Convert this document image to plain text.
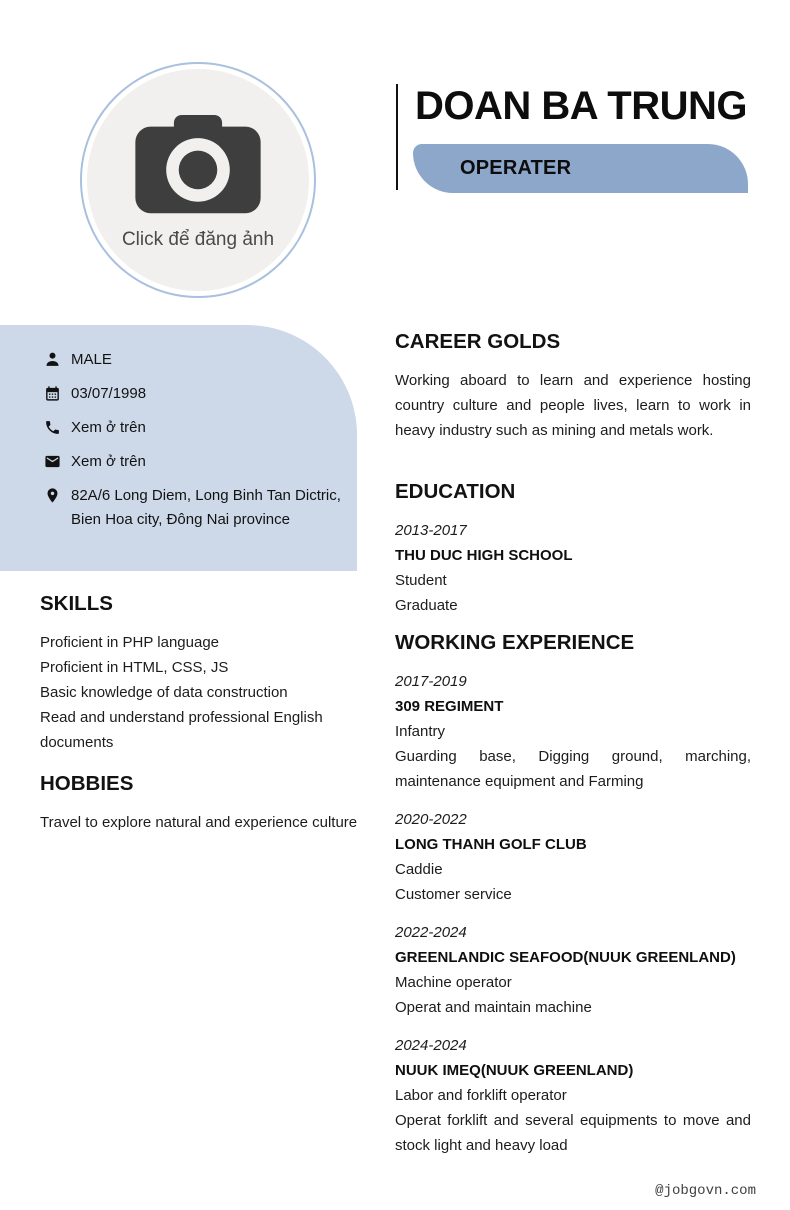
Click để đăng ảnh
DOAN BA TRUNG
OPERATER
MALE
03/07/1998
Xem ở trên
Xem ở trên
82A/6 Long Diem, Long Binh Tan Dictric, Bien Hoa city, Đông Nai province
SKILLS

Proficient in PHP language

Proficient in HTML, CSS, JS

Basic knowledge of data construction

Read and understand professional English documents

HOBBIES

Travel to explore natural and experience culture

CAREER GOLDS

Working aboard to learn and experience hosting country culture and people lives, learn to work in heavy industry such as mining and metals work.

EDUCATION

2013-2017

THU DUC HIGH SCHOOL

Student

Graduate

WORKING EXPERIENCE

2017-2019

309 REGIMENT

Infantry

Guarding base, Digging ground, marching, maintenance equipment and Farming

2020-2022

LONG THANH GOLF CLUB

Caddie

Customer service

2022-2024

GREENLANDIC SEAFOOD(NUUK GREENLAND)

Machine operator

Operat and maintain machine

2024-2024

NUUK IMEQ(NUUK GREENLAND)

Labor and forklift operator

Operat forklift and several equipments to move and stock light and heavy load

@jobgovn.com
